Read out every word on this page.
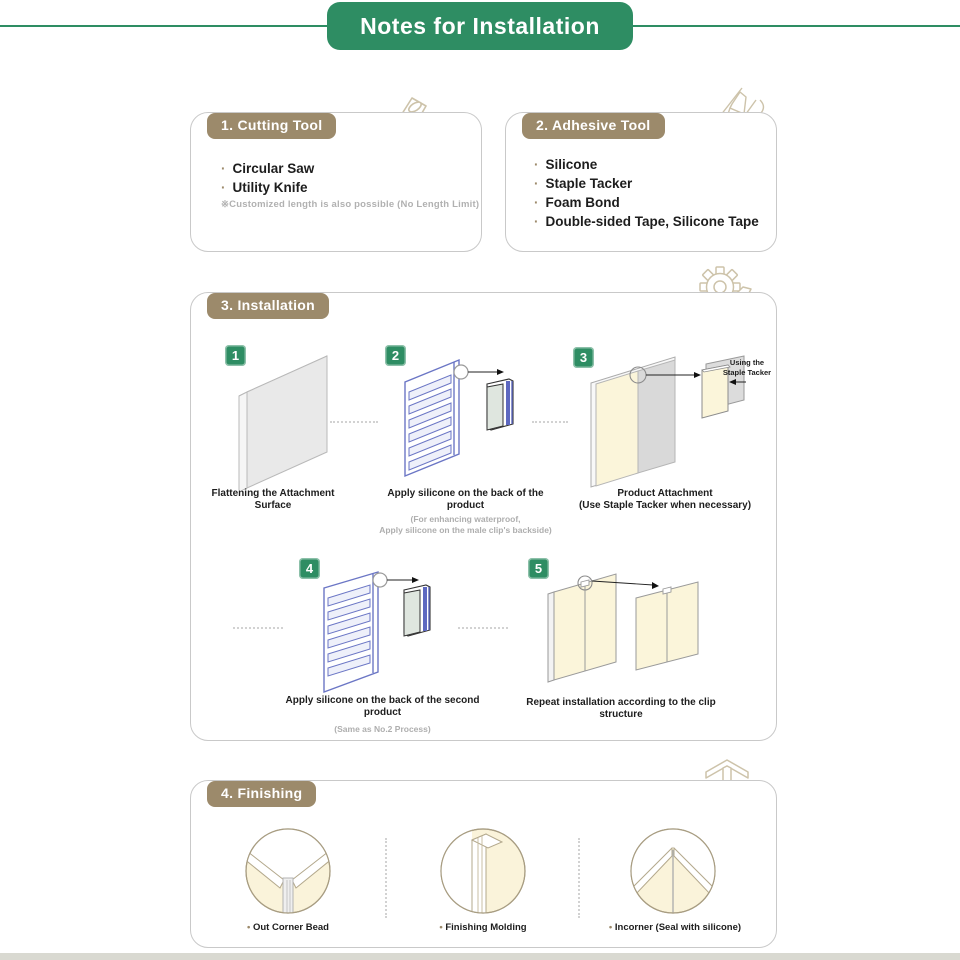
Notes for Installation
1. Cutting Tool
· Circular Saw
· Utility Knife
※Customized length is also possible (No Length Limit)
2. Adhesive Tool
· Silicone
· Staple Tacker
· Foam Bond
· Double-sided Tape, Silicone Tape
3. Installation
1	2	3
4	5
Using the
Staple Tacker
Flattening the Attachment Surface
Apply silicone on the back of the product
(For enhancing waterproof,
Apply silicone on the male clip's backside)
Product Attachment
(Use Staple Tacker when necessary)
Apply silicone on the back of the second product
(Same as No.2 Process)
Repeat installation according to the clip structure
4. Finishing
• Out Corner Bead	• Finishing Molding	• Incorner (Seal with silicone)
